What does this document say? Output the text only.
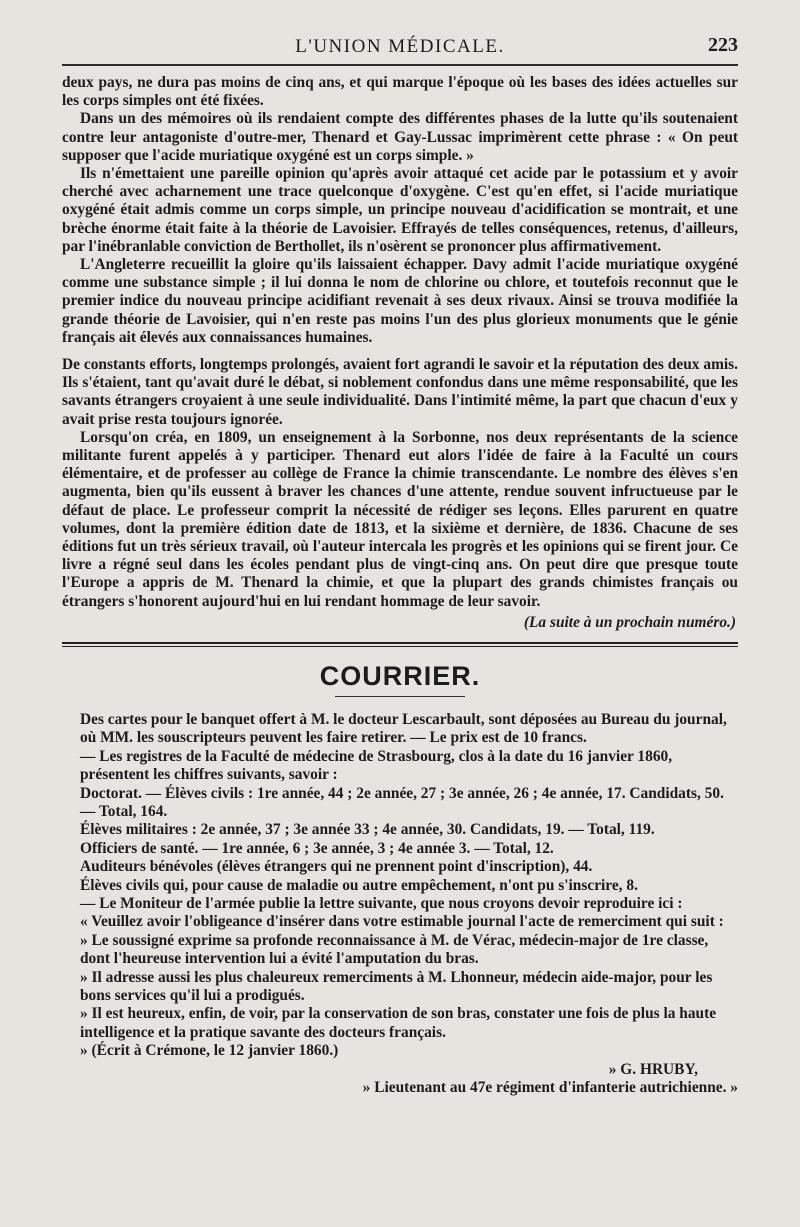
L'UNION MÉDICALE.	223

deux pays, ne dura pas moins de cinq ans, et qui marque l'époque où les bases des idées actuelles sur les corps simples ont été fixées.

Dans un des mémoires où ils rendaient compte des différentes phases de la lutte qu'ils soutenaient contre leur antagoniste d'outre-mer, Thenard et Gay-Lussac imprimèrent cette phrase : « On peut supposer que l'acide muriatique oxygéné est un corps simple. »

Ils n'émettaient une pareille opinion qu'après avoir attaqué cet acide par le potassium et y avoir cherché avec acharnement une trace quelconque d'oxygène. C'est qu'en effet, si l'acide muriatique oxygéné était admis comme un corps simple, un principe nouveau d'acidification se montrait, et une brèche énorme était faite à la théorie de Lavoisier. Effrayés de telles conséquences, retenus, d'ailleurs, par l'inébranlable conviction de Berthollet, ils n'osèrent se prononcer plus affirmativement.

L'Angleterre recueillit la gloire qu'ils laissaient échapper. Davy admit l'acide muriatique oxygéné comme une substance simple ; il lui donna le nom de chlorine ou chlore, et toutefois reconnut que le premier indice du nouveau principe acidifiant revenait à ses deux rivaux. Ainsi se trouva modifiée la grande théorie de Lavoisier, qui n'en reste pas moins l'un des plus glorieux monuments que le génie français ait élevés aux connaissances humaines.

De constants efforts, longtemps prolongés, avaient fort agrandi le savoir et la réputation des deux amis. Ils s'étaient, tant qu'avait duré le débat, si noblement confondus dans une même responsabilité, que les savants étrangers croyaient à une seule individualité. Dans l'intimité même, la part que chacun d'eux y avait prise resta toujours ignorée.

Lorsqu'on créa, en 1809, un enseignement à la Sorbonne, nos deux représentants de la science militante furent appelés à y participer. Thenard eut alors l'idée de faire à la Faculté un cours élémentaire, et de professer au collège de France la chimie transcendante. Le nombre des élèves s'en augmenta, bien qu'ils eussent à braver les chances d'une attente, rendue souvent infructueuse par le défaut de place. Le professeur comprit la nécessité de rédiger ses leçons. Elles parurent en quatre volumes, dont la première édition date de 1813, et la sixième et dernière, de 1836. Chacune de ses éditions fut un très sérieux travail, où l'auteur intercala les progrès et les opinions qui se firent jour. Ce livre a régné seul dans les écoles pendant plus de vingt-cinq ans. On peut dire que presque toute l'Europe a appris de M. Thenard la chimie, et que la plupart des grands chimistes français ou étrangers s'honorent aujourd'hui en lui rendant hommage de leur savoir.

(La suite à un prochain numéro.)

COURRIER.

Des cartes pour le banquet offert à M. le docteur Lescarbault, sont déposées au Bureau du journal, où MM. les souscripteurs peuvent les faire retirer. — Le prix est de 10 francs.

— Les registres de la Faculté de médecine de Strasbourg, clos à la date du 16 janvier 1860, présentent les chiffres suivants, savoir :

Doctorat. — Élèves civils : 1re année, 44 ; 2e année, 27 ; 3e année, 26 ; 4e année, 17. Candidats, 50. — Total, 164.

Élèves militaires : 2e année, 37 ; 3e année 33 ; 4e année, 30. Candidats, 19. — Total, 119.

Officiers de santé. — 1re année, 6 ; 3e année, 3 ; 4e année 3. — Total, 12.

Auditeurs bénévoles (élèves étrangers qui ne prennent point d'inscription), 44.

Élèves civils qui, pour cause de maladie ou autre empêchement, n'ont pu s'inscrire, 8.

— Le Moniteur de l'armée publie la lettre suivante, que nous croyons devoir reproduire ici :

« Veuillez avoir l'obligeance d'insérer dans votre estimable journal l'acte de remerciment qui suit :

» Le soussigné exprime sa profonde reconnaissance à M. de Vérac, médecin-major de 1re classe, dont l'heureuse intervention lui a évité l'amputation du bras.

» Il adresse aussi les plus chaleureux remerciments à M. Lhonneur, médecin aide-major, pour les bons services qu'il lui a prodigués.

» Il est heureux, enfin, de voir, par la conservation de son bras, constater une fois de plus la haute intelligence et la pratique savante des docteurs français.

» (Écrit à Crémone, le 12 janvier 1860.)

» G. HRUBY,

» Lieutenant au 47e régiment d'infanterie autrichienne. »
